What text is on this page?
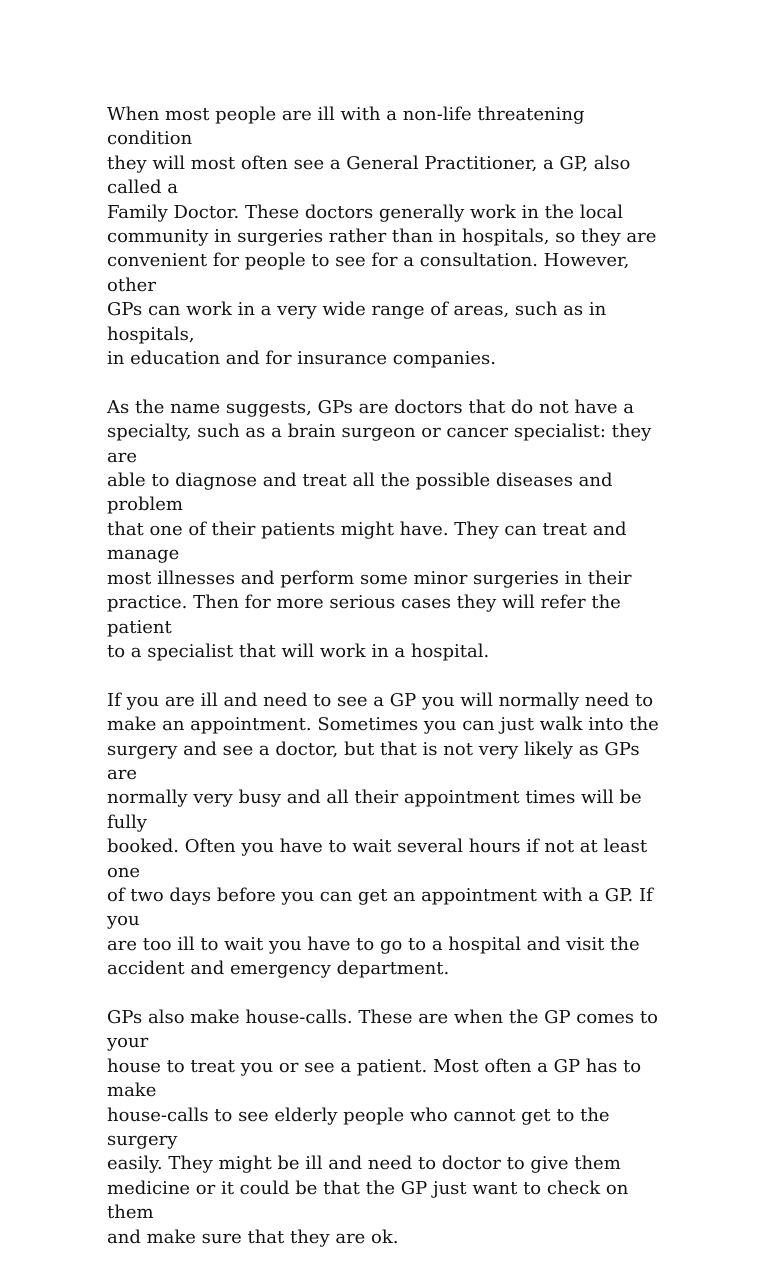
When most people are ill with a non-life threatening condition
they will most often see a General Practitioner, a GP, also called a
Family Doctor. These doctors generally work in the local
community in surgeries rather than in hospitals, so they are
convenient for people to see for a consultation. However, other
GPs can work in a very wide range of areas, such as in hospitals,
in education and for insurance companies.

As the name suggests, GPs are doctors that do not have a
specialty, such as a brain surgeon or cancer specialist: they are
able to diagnose and treat all the possible diseases and problem
that one of their patients might have. They can treat and manage
most illnesses and perform some minor surgeries in their
practice. Then for more serious cases they will refer the patient
to a specialist that will work in a hospital.

If you are ill and need to see a GP you will normally need to
make an appointment. Sometimes you can just walk into the
surgery and see a doctor, but that is not very likely as GPs are
normally very busy and all their appointment times will be fully
booked. Often you have to wait several hours if not at least one
of two days before you can get an appointment with a GP. If you
are too ill to wait you have to go to a hospital and visit the
accident and emergency department.

GPs also make house-calls. These are when the GP comes to your
house to treat you or see a patient. Most often a GP has to make
house-calls to see elderly people who cannot get to the surgery
easily. They might be ill and need to doctor to give them
medicine or it could be that the GP just want to check on them
and make sure that they are ok.
